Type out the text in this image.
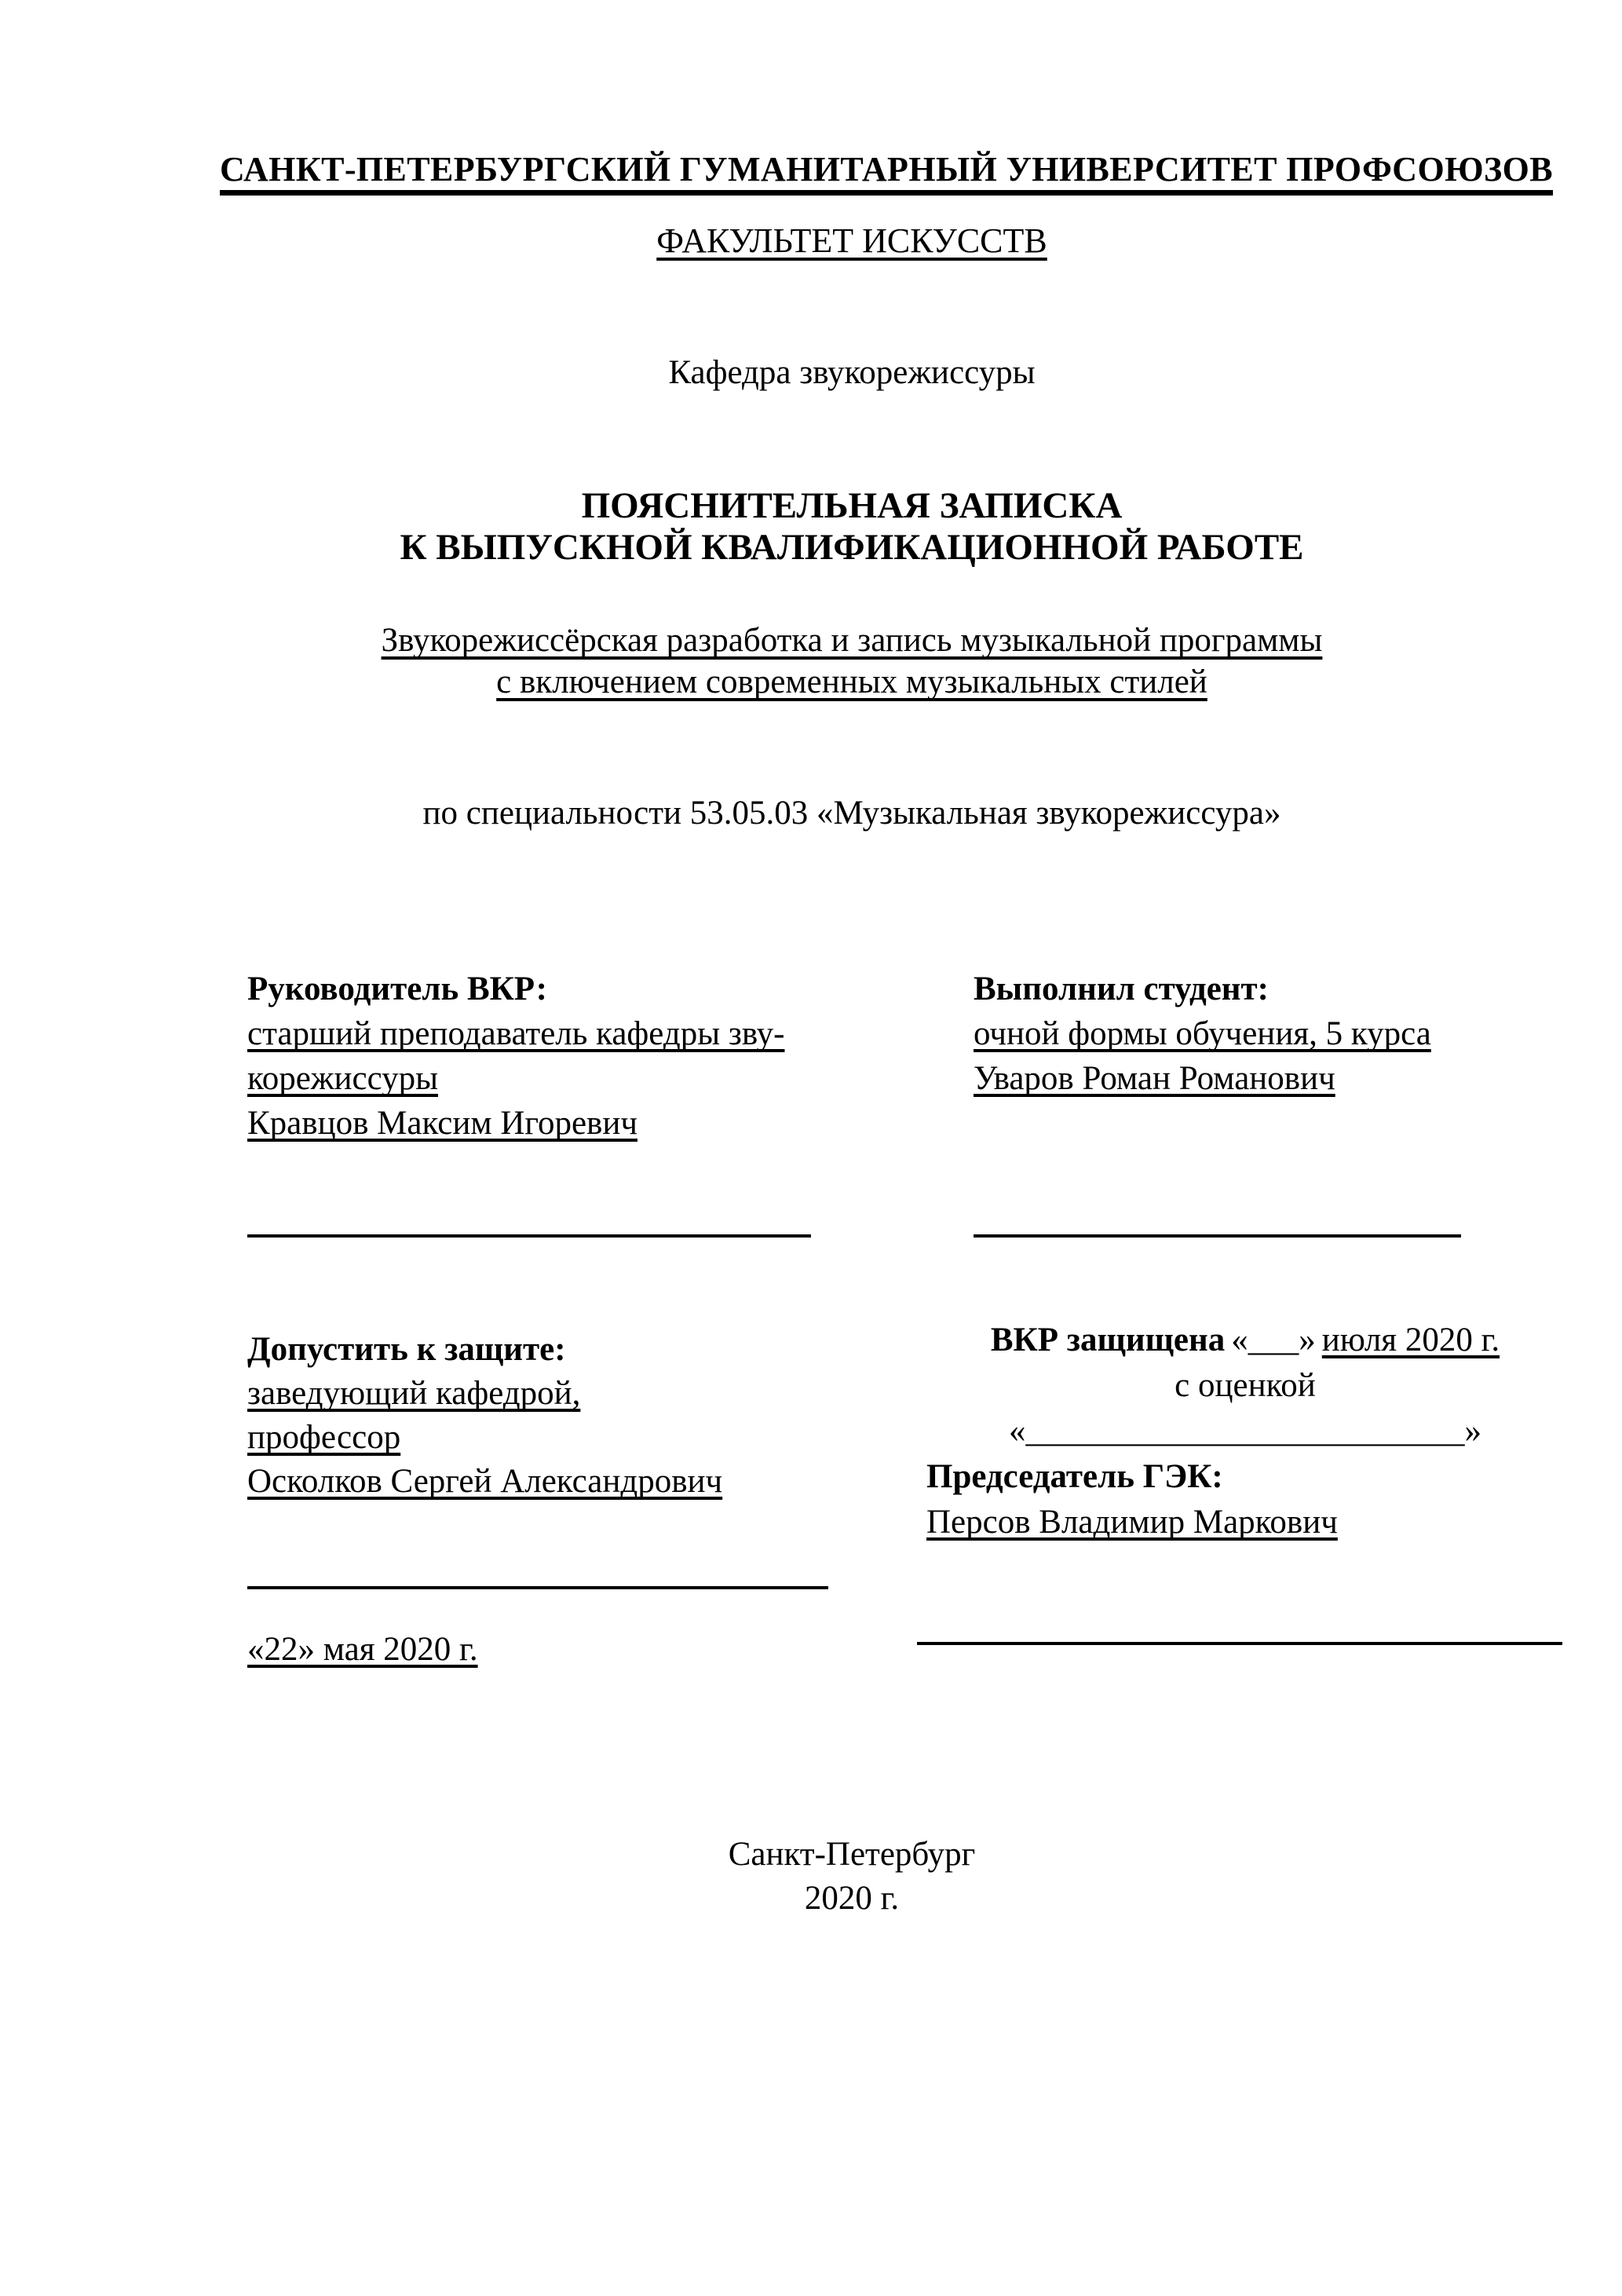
САНКТ-ПЕТЕРБУРГСКИЙ ГУМАНИТАРНЫЙ УНИВЕРСИТЕТ ПРОФСОЮЗОВ
ФАКУЛЬТЕТ ИСКУССТВ
Кафедра звукорежиссуры
ПОЯСНИТЕЛЬНАЯ ЗАПИСКА
К ВЫПУСКНОЙ КВАЛИФИКАЦИОННОЙ РАБОТЕ
Звукорежиссёрская разработка и запись музыкальной программы
с включением современных музыкальных стилей
по специальности 53.05.03 «Музыкальная звукорежиссура»
Руководитель ВКР:
старший преподаватель кафедры зву-
корежиссуры
Кравцов Максим Игоревич
Выполнил студент:
очной формы обучения, 5 курса
Уваров Роман Романович
Допустить к защите:
заведующий кафедрой,
профессор
Осколков Сергей Александрович
ВКР защищена «___» июля 2020 г.
с оценкой
«__________________________»
Председатель ГЭК:
Персов Владимир Маркович
«22» мая 2020 г.
Санкт-Петербург
2020 г.
